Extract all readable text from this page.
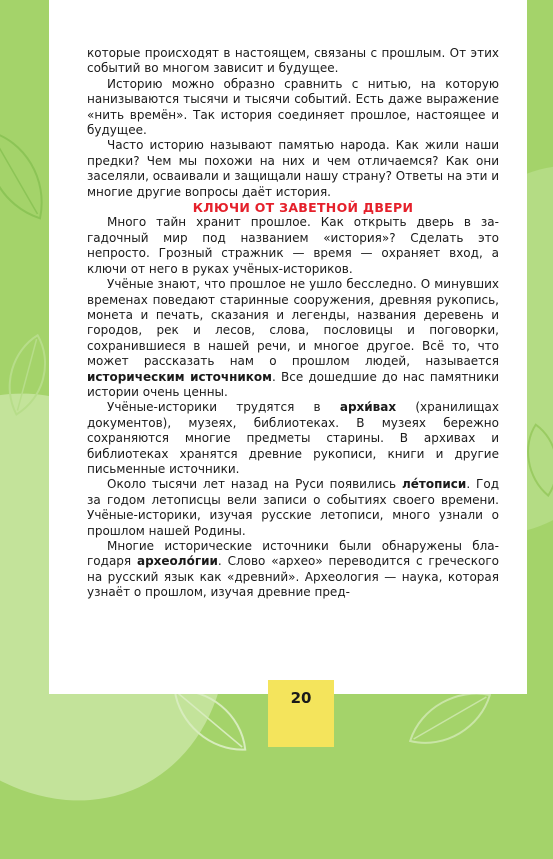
которые происходят в настоящем, связаны с прошлым. От этих событий во многом зависит и будущее.

Историю можно образно сравнить с нитью, на которую нанизываются тысячи и тысячи событий. Есть даже выражение «нить времён». Так история соединяет прошлое, настоящее и будущее.

Часто историю называют памятью народа. Как жили наши предки? Чем мы похожи на них и чем отличаемся? Как они заселяли, осваивали и защищали нашу страну? Ответы на эти и многие другие вопросы даёт история.

КЛЮЧИ ОТ ЗАВЕТНОЙ ДВЕРИ

Много тайн хранит прошлое. Как открыть дверь в загадочный мир под названием «история»? Сделать это непросто. Грозный стражник — время — охраняет вход, а ключи от него в руках учёных-историков.

Учёные знают, что прошлое не ушло бесследно. О минувших временах поведают старинные сооружения, древняя рукопись, монета и печать, сказания и легенды, названия деревень и городов, рек и лесов, слова, пословицы и поговорки, сохранившиеся в нашей речи, и многое другое. Всё то, что может рассказать нам о прошлом людей, называется историческим источником. Все дошедшие до нас памятники истории очень ценны.

Учёные-историки трудятся в архи́вах (хранилищах документов), музеях, библиотеках. В музеях бережно сохраняются многие предметы старины. В архивах и библиотеках хранятся древние рукописи, книги и другие письменные источники.

Около тысячи лет назад на Руси появились лéтописи. Год за годом летописцы вели записи о событиях своего времени. Учёные-историки, изучая русские летописи, много узнали о прошлом нашей Родины.

Многие исторические источники были обнаружены благодаря археоло́гии. Слово «архео» переводится с греческого на русский язык как «древний». Археология — наука, которая узнаёт о прошлом, изучая древние пред-

20
